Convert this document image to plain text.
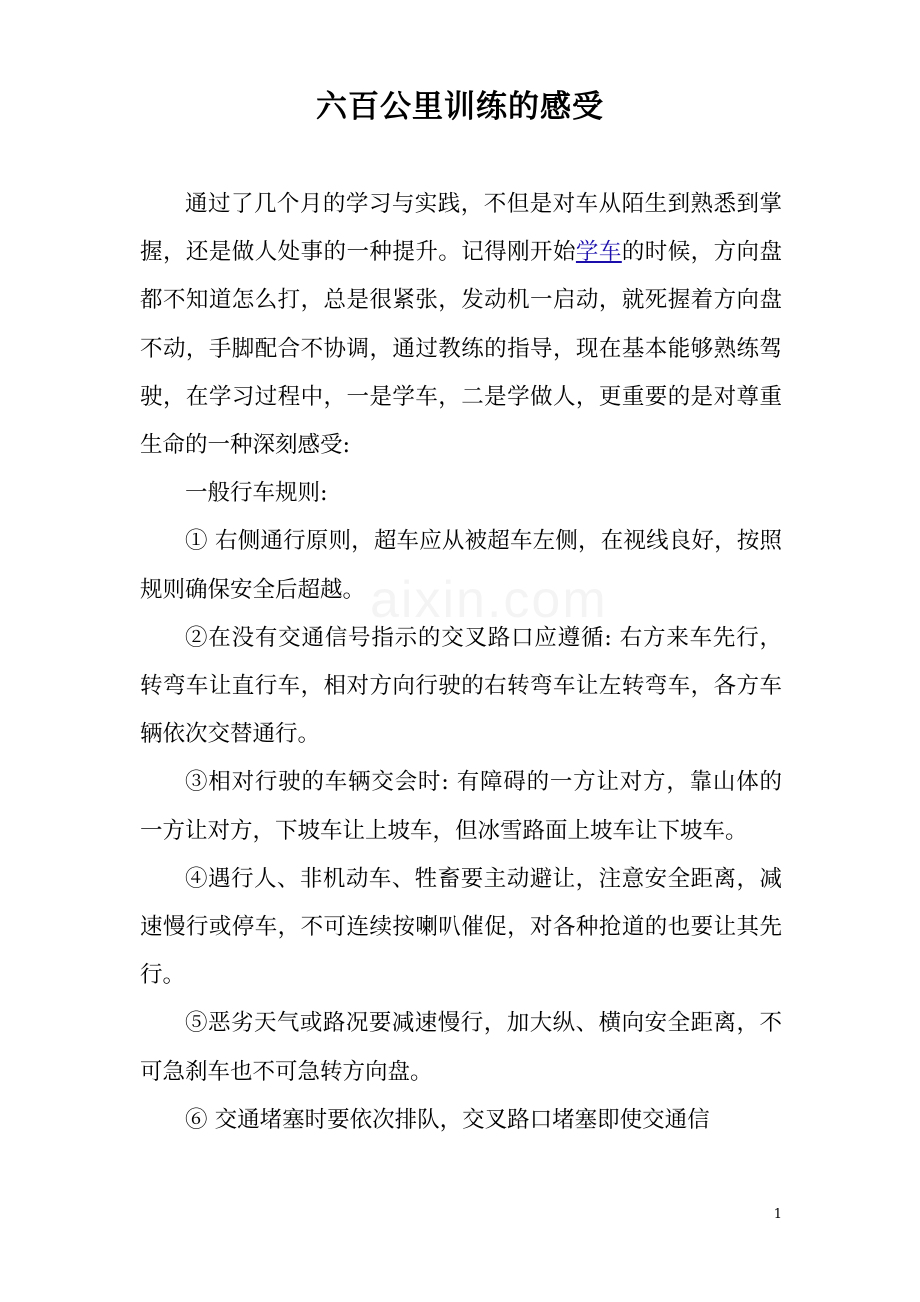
六百公里训练的感受

通过了几个月的学习与实践，不但是对车从陌生到熟悉到掌握，还是做人处事的一种提升。记得刚开始学车的时候，方向盘都不知道怎么打，总是很紧张，发动机一启动，就死握着方向盘不动，手脚配合不协调，通过教练的指导，现在基本能够熟练驾驶，在学习过程中，一是学车，二是学做人，更重要的是对尊重生命的一种深刻感受:

一般行车规则:

① 右侧通行原则，超车应从被超车左侧，在视线良好，按照规则确保安全后超越。

②在没有交通信号指示的交叉路口应遵循: 右方来车先行，转弯车让直行车，相对方向行驶的右转弯车让左转弯车，各方车辆依次交替通行。

③相对行驶的车辆交会时: 有障碍的一方让对方，靠山体的一方让对方，下坡车让上坡车，但冰雪路面上坡车让下坡车。

④遇行人、非机动车、牲畜要主动避让，注意安全距离，减速慢行或停车，不可连续按喇叭催促，对各种抢道的也要让其先行。

⑤恶劣天气或路况要减速慢行，加大纵、横向安全距离，不可急刹车也不可急转方向盘。

⑥ 交通堵塞时要依次排队，交叉路口堵塞即使交通信

1
